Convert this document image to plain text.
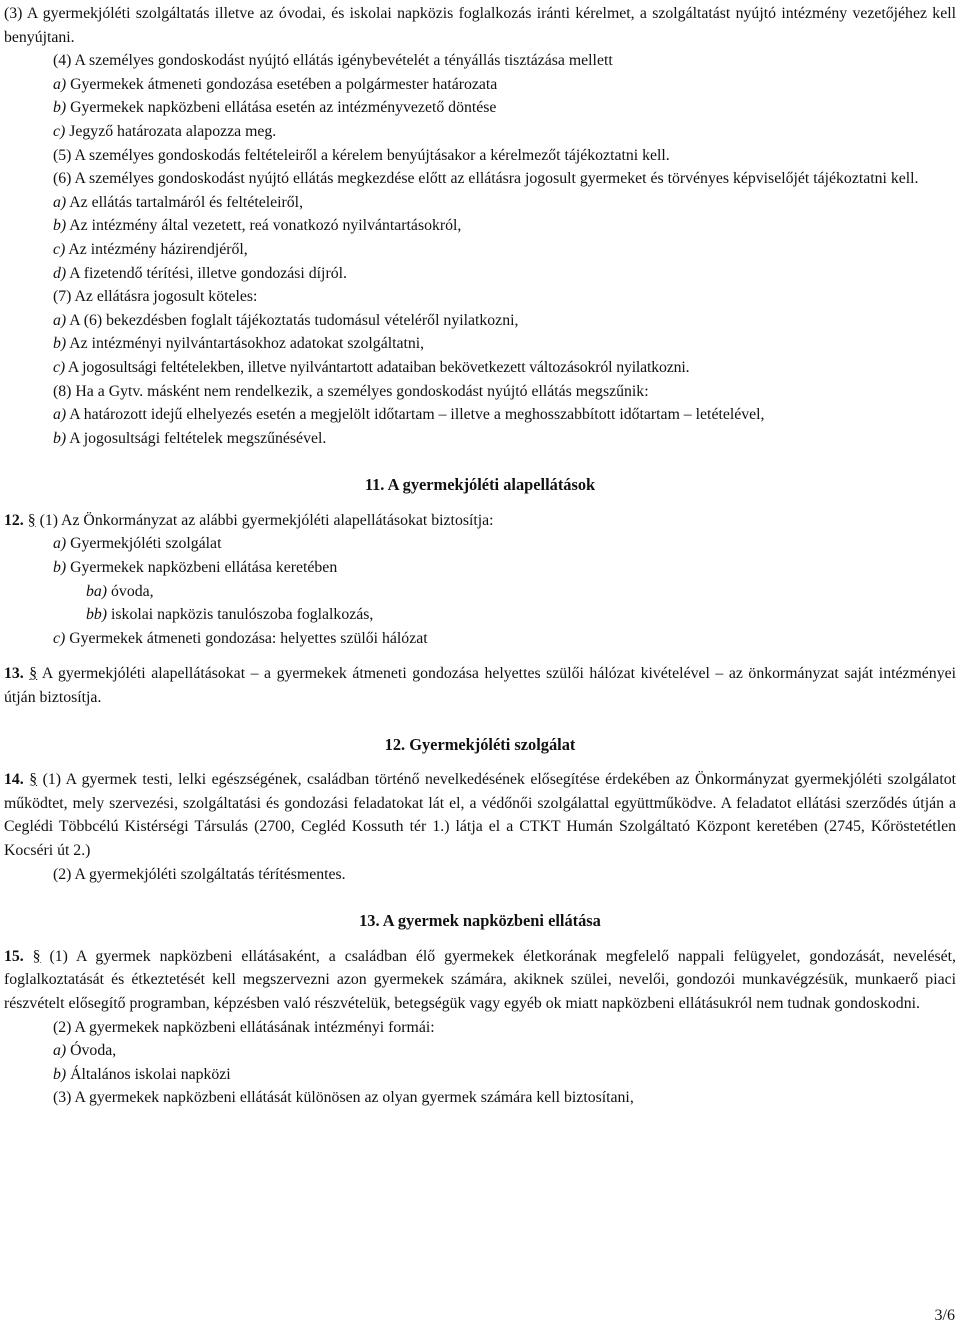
(3) A gyermekjóléti szolgáltatás illetve az óvodai, és iskolai napközis foglalkozás iránti kérelmet, a szolgáltatást nyújtó intézmény vezetőjéhez kell benyújtani.

(4) A személyes gondoskodást nyújtó ellátás igénybevételét a tényállás tisztázása mellett

a) Gyermekek átmeneti gondozása esetében a polgármester határozata

b) Gyermekek napközbeni ellátása esetén az intézményvezető döntése

c) Jegyző határozata alapozza meg.

(5) A személyes gondoskodás feltételeiről a kérelem benyújtásakor a kérelmezőt tájékoztatni kell.

(6) A személyes gondoskodást nyújtó ellátás megkezdése előtt az ellátásra jogosult gyermeket és törvényes képviselőjét tájékoztatni kell.

a) Az ellátás tartalmáról és feltételeiről,

b) Az intézmény által vezetett, reá vonatkozó nyilvántartásokról,

c) Az intézmény házirendjéről,

d) A fizetendő térítési, illetve gondozási díjról.

(7) Az ellátásra jogosult köteles:

a) A (6) bekezdésben foglalt tájékoztatás tudomásul vételéről nyilatkozni,

b) Az intézményi nyilvántartásokhoz adatokat szolgáltatni,

c) A jogosultsági feltételekben, illetve nyilvántartott adataiban bekövetkezett változásokról nyilatkozni.

(8) Ha a Gytv. másként nem rendelkezik, a személyes gondoskodást nyújtó ellátás megszűnik:

a) A határozott idejű elhelyezés esetén a megjelölt időtartam – illetve a meghosszabbított időtartam – letételével,

b) A jogosultsági feltételek megszűnésével.

11. A gyermekjóléti alapellátások

12. § (1) Az Önkormányzat az alábbi gyermekjóléti alapellátásokat biztosítja:

a) Gyermekjóléti szolgálat

b) Gyermekek napközbeni ellátása keretében

ba) óvoda,

bb) iskolai napközis tanulószoba foglalkozás,

c) Gyermekek átmeneti gondozása: helyettes szülői hálózat

13. § A gyermekjóléti alapellátásokat – a gyermekek átmeneti gondozása helyettes szülői hálózat kivételével – az önkormányzat saját intézményei útján biztosítja.

12. Gyermekjóléti szolgálat

14. § (1) A gyermek testi, lelki egészségének, családban történő nevelkedésének elősegítése érdekében az Önkormányzat gyermekjóléti szolgálatot működtet, mely szervezési, szolgáltatási és gondozási feladatokat lát el, a védőnői szolgálattal együttműködve. A feladatot ellátási szerződés útján a Ceglédi Többcélú Kistérségi Társulás (2700, Cegléd Kossuth tér 1.) látja el a CTKT Humán Szolgáltató Központ keretében (2745, Kőröstetétlen Kocséri út 2.)

(2) A gyermekjóléti szolgáltatás térítésmentes.

13. A gyermek napközbeni ellátása

15. § (1) A gyermek napközbeni ellátásaként, a családban élő gyermekek életkorának megfelelő nappali felügyelet, gondozását, nevelését, foglalkoztatását és étkeztetését kell megszervezni azon gyermekek számára, akiknek szülei, nevelői, gondozói munkavégzésük, munkaerő piaci részvételt elősegítő programban, képzésben való részvételük, betegségük vagy egyéb ok miatt napközbeni ellátásukról nem tudnak gondoskodni.

(2) A gyermekek napközbeni ellátásának intézményi formái:

a) Óvoda,

b) Általános iskolai napközi

(3) A gyermekek napközbeni ellátását különösen az olyan gyermek számára kell biztosítani,

3/6
